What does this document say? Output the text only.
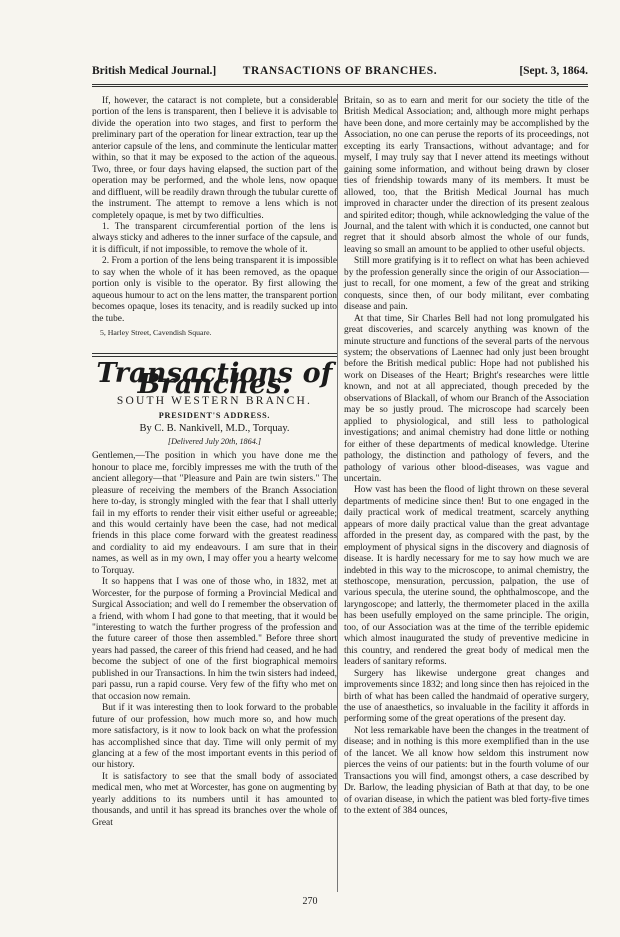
British Medical Journal.]	TRANSACTIONS OF BRANCHES.	[Sept. 3, 1864.

If, however, the cataract is not complete, but a considerable portion of the lens is transparent, then I believe it is advisable to divide the operation into two stages, and first to perform the preliminary part of the operation for linear extraction, tear up the anterior capsule of the lens, and comminute the lenticular matter within, so that it may be exposed to the action of the aqueous. Two, three, or four days having elapsed, the suction part of the operation may be performed, and the whole lens, now opaque and diffluent, will be readily drawn through the tubular curette of the instrument. The attempt to remove a lens which is not completely opaque, is met by two difficulties.

1. The transparent circumferential portion of the lens is always sticky and adheres to the inner surface of the capsule, and it is difficult, if not impossible, to remove the whole of it.

2. From a portion of the lens being transparent it is impossible to say when the whole of it has been removed, as the opaque portion only is visible to the operator. By first allowing the aqueous humour to act on the lens matter, the transparent portion becomes opaque, loses its tenacity, and is readily sucked up into the tube.

5, Harley Street, Cavendish Square.

Transactions of Branches.
SOUTH WESTERN BRANCH.
PRESIDENT'S ADDRESS.
By C. B. Nankivell, M.D., Torquay.
[Delivered July 20th, 1864.]

Gentlemen,—The position in which you have done me the honour to place me, forcibly impresses me with the truth of the ancient allegory—that "Pleasure and Pain are twin sisters." The pleasure of receiving the members of the Branch Association here to-day, is strongly mingled with the fear that I shall utterly fail in my efforts to render their visit either useful or agreeable; and this would certainly have been the case, had not medical friends in this place come forward with the greatest readiness and cordiality to aid my endeavours. I am sure that in their names, as well as in my own, I may offer you a hearty welcome to Torquay.

It so happens that I was one of those who, in 1832, met at Worcester, for the purpose of forming a Provincial Medical and Surgical Association; and well do I remember the observation of a friend, with whom I had gone to that meeting, that it would be "interesting to watch the further progress of the profession and the future career of those then assembled." Before three short years had passed, the career of this friend had ceased, and he had become the subject of one of the first biographical memoirs published in our Transactions. In him the twin sisters had indeed, pari passu, run a rapid course. Very few of the fifty who met on that occasion now remain.

But if it was interesting then to look forward to the probable future of our profession, how much more so, and how much more satisfactory, is it now to look back on what the profession has accomplished since that day. Time will only permit of my glancing at a few of the most important events in this period of our history.

It is satisfactory to see that the small body of associated medical men, who met at Worcester, has gone on augmenting by yearly additions to its numbers until it has amounted to thousands, and until it has spread its branches over the whole of Great

Britain, so as to earn and merit for our society the title of the British Medical Association; and, although more might perhaps have been done, and more certainly may be accomplished by the Association, no one can peruse the reports of its proceedings, not excepting its early Transactions, without advantage; and for myself, I may truly say that I never attend its meetings without gaining some information, and without being drawn by closer ties of friendship towards many of its members. It must be allowed, too, that the British Medical Journal has much improved in character under the direction of its present zealous and spirited editor; though, while acknowledging the value of the Journal, and the talent with which it is conducted, one cannot but regret that it should absorb almost the whole of our funds, leaving so small an amount to be applied to other useful objects.

Still more gratifying is it to reflect on what has been achieved by the profession generally since the origin of our Association—just to recall, for one moment, a few of the great and striking conquests, since then, of our body militant, ever combating disease and pain.

At that time, Sir Charles Bell had not long promulgated his great discoveries, and scarcely anything was known of the minute structure and functions of the several parts of the nervous system; the observations of Laennec had only just been brought before the British medical public: Hope had not published his work on Diseases of the Heart; Bright's researches were little known, and not at all appreciated, though preceded by the observations of Blackall, of whom our Branch of the Association may be so justly proud. The microscope had scarcely been applied to physiological, and still less to pathological investigations; and animal chemistry had done little or nothing for either of these departments of medical knowledge. Uterine pathology, the distinction and pathology of fevers, and the pathology of various other blood-diseases, was vague and uncertain.

How vast has been the flood of light thrown on these several departments of medicine since then! But to one engaged in the daily practical work of medical treatment, scarcely anything appears of more daily practical value than the great advantage afforded in the present day, as compared with the past, by the employment of physical signs in the discovery and diagnosis of disease. It is hardly necessary for me to say how much we are indebted in this way to the microscope, to animal chemistry, the stethoscope, mensuration, percussion, palpation, the use of various specula, the uterine sound, the ophthalmoscope, and the laryngoscope; and latterly, the thermometer placed in the axilla has been usefully employed on the same principle. The origin, too, of our Association was at the time of the terrible epidemic which almost inaugurated the study of preventive medicine in this country, and rendered the great body of medical men the leaders of sanitary reforms.

Surgery has likewise undergone great changes and improvements since 1832; and long since then has rejoiced in the birth of what has been called the handmaid of operative surgery, the use of anaesthetics, so invaluable in the facility it affords in performing some of the great operations of the present day.

Not less remarkable have been the changes in the treatment of disease; and in nothing is this more exemplified than in the use of the lancet. We all know how seldom this instrument now pierces the veins of our patients: but in the fourth volume of our Transactions you will find, amongst others, a case described by Dr. Barlow, the leading physician of Bath at that day, to be one of ovarian disease, in which the patient was bled forty-five times to the extent of 384 ounces,

270
